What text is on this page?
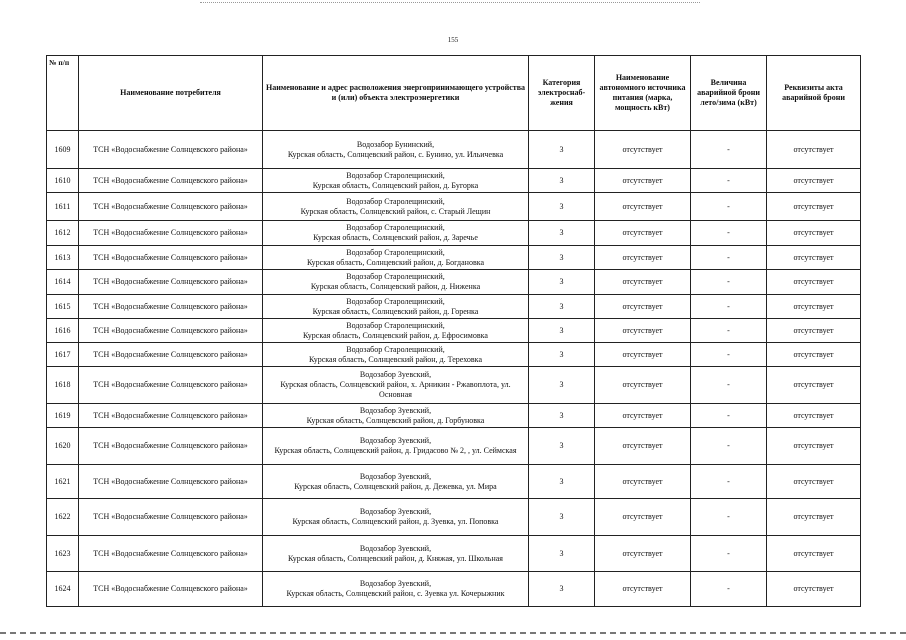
155
№ п/п	Наименование потребителя	Наименование и адрес расположения энергопринимающего устройства и (или) объекта электроэнергетики	Категория электроснаб-жения	Наименование автономного источника питания (марка, мощность кВт)	Величина аварийной брони лето/зима (кВт)	Реквизиты акта аварийной брони
1609	ТСН «Водоснабжение Солнцевского района»	Водозабор Бунинский,
Курская область, Солнцевский район, с. Бунино, ул. Ильичевка	3	отсутствует	-	отсутствует
1610	ТСН «Водоснабжение Солнцевского района»	Водозабор Старолещинский,
Курская область, Солнцевский район, д. Бугорка	3	отсутствует	-	отсутствует
1611	ТСН «Водоснабжение Солнцевского района»	Водозабор Старолещинский,
Курская область, Солнцевский район, с. Старый Лещин	3	отсутствует	-	отсутствует
1612	ТСН «Водоснабжение Солнцевского района»	Водозабор Старолещинский,
Курская область, Солнцевский район, д. Заречье	3	отсутствует	-	отсутствует
1613	ТСН «Водоснабжение Солнцевского района»	Водозабор Старолещинский,
Курская область, Солнцевский район, д. Богдановка	3	отсутствует	-	отсутствует
1614	ТСН «Водоснабжение Солнцевского района»	Водозабор Старолещинский,
Курская область, Солнцевский район, д. Ниженка	3	отсутствует	-	отсутствует
1615	ТСН «Водоснабжение Солнцевского района»	Водозабор Старолещинский,
Курская область, Солнцевский район, д. Горенка	3	отсутствует	-	отсутствует
1616	ТСН «Водоснабжение Солнцевского района»	Водозабор Старолещинский,
Курская область, Солнцевский район, д. Ефросимовка	3	отсутствует	-	отсутствует
1617	ТСН «Водоснабжение Солнцевского района»	Водозабор Старолещинский,
Курская область, Солнцевский район, д. Тереховка	3	отсутствует	-	отсутствует
1618	ТСН «Водоснабжение Солнцевского района»	Водозабор Зуевский,
Курская область, Солнцевский район, х. Арникин - Ржавоплота, ул. Основная	3	отсутствует	-	отсутствует
1619	ТСН «Водоснабжение Солнцевского района»	Водозабор Зуевский,
Курская область, Солнцевский район, д. Горбуновка	3	отсутствует	-	отсутствует
1620	ТСН «Водоснабжение Солнцевского района»	Водозабор Зуевский,
Курская область, Солнцевский район, д. Гридасово № 2, , ул. Сеймская	3	отсутствует	-	отсутствует
1621	ТСН «Водоснабжение Солнцевского района»	Водозабор Зуевский,
Курская область, Солнцевский район, д. Дежевка, ул. Мира	3	отсутствует	-	отсутствует
1622	ТСН «Водоснабжение Солнцевского района»	Водозабор Зуевский,
Курская область, Солнцевский район, д. Зуевка, ул. Поповка	3	отсутствует	-	отсутствует
1623	ТСН «Водоснабжение Солнцевского района»	Водозабор Зуевский,
Курская область, Солнцевский район, д. Княжая, ул. Школьная	3	отсутствует	-	отсутствует
1624	ТСН «Водоснабжение Солнцевского района»	Водозабор Зуевский,
Курская область, Солнцевский район, с. Зуевка ул. Кочерыжник	3	отсутствует	-	отсутствует
